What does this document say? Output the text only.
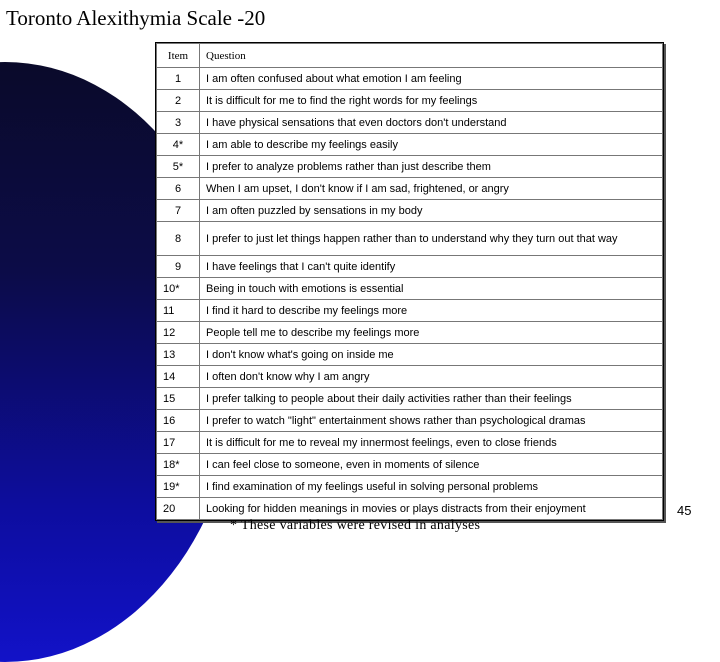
Toronto Alexithymia Scale -20
Item	Question
1	I am often confused about what emotion I am feeling
2	It is difficult for me to find the right words for my feelings
3	I have physical sensations that even doctors don't understand
4*	I am able to describe my feelings easily
5*	I prefer to analyze problems rather than just describe them
6	When I am upset, I don't know if I am sad, frightened, or angry
7	I am often puzzled by sensations in my body
8	I prefer to just let things happen rather than to understand why they turn out that way
9	I have feelings that I can't quite identify
10*	Being in touch with emotions is essential
11	I find it hard to describe my feelings more
12	People tell me to describe my feelings more
13	I don't know what's going on inside me
14	I often don't know why I am angry
15	I prefer talking to people about their daily activities rather than their feelings
16	I prefer to watch "light" entertainment shows rather than psychological dramas
17	It is difficult for me to reveal my innermost feelings, even to close friends
18*	I can feel close to someone, even in moments of silence
19*	I find examination of my feelings useful in solving personal problems
20	Looking for hidden meanings in movies or plays distracts from their enjoyment

* These variables were revised in analyses

45
